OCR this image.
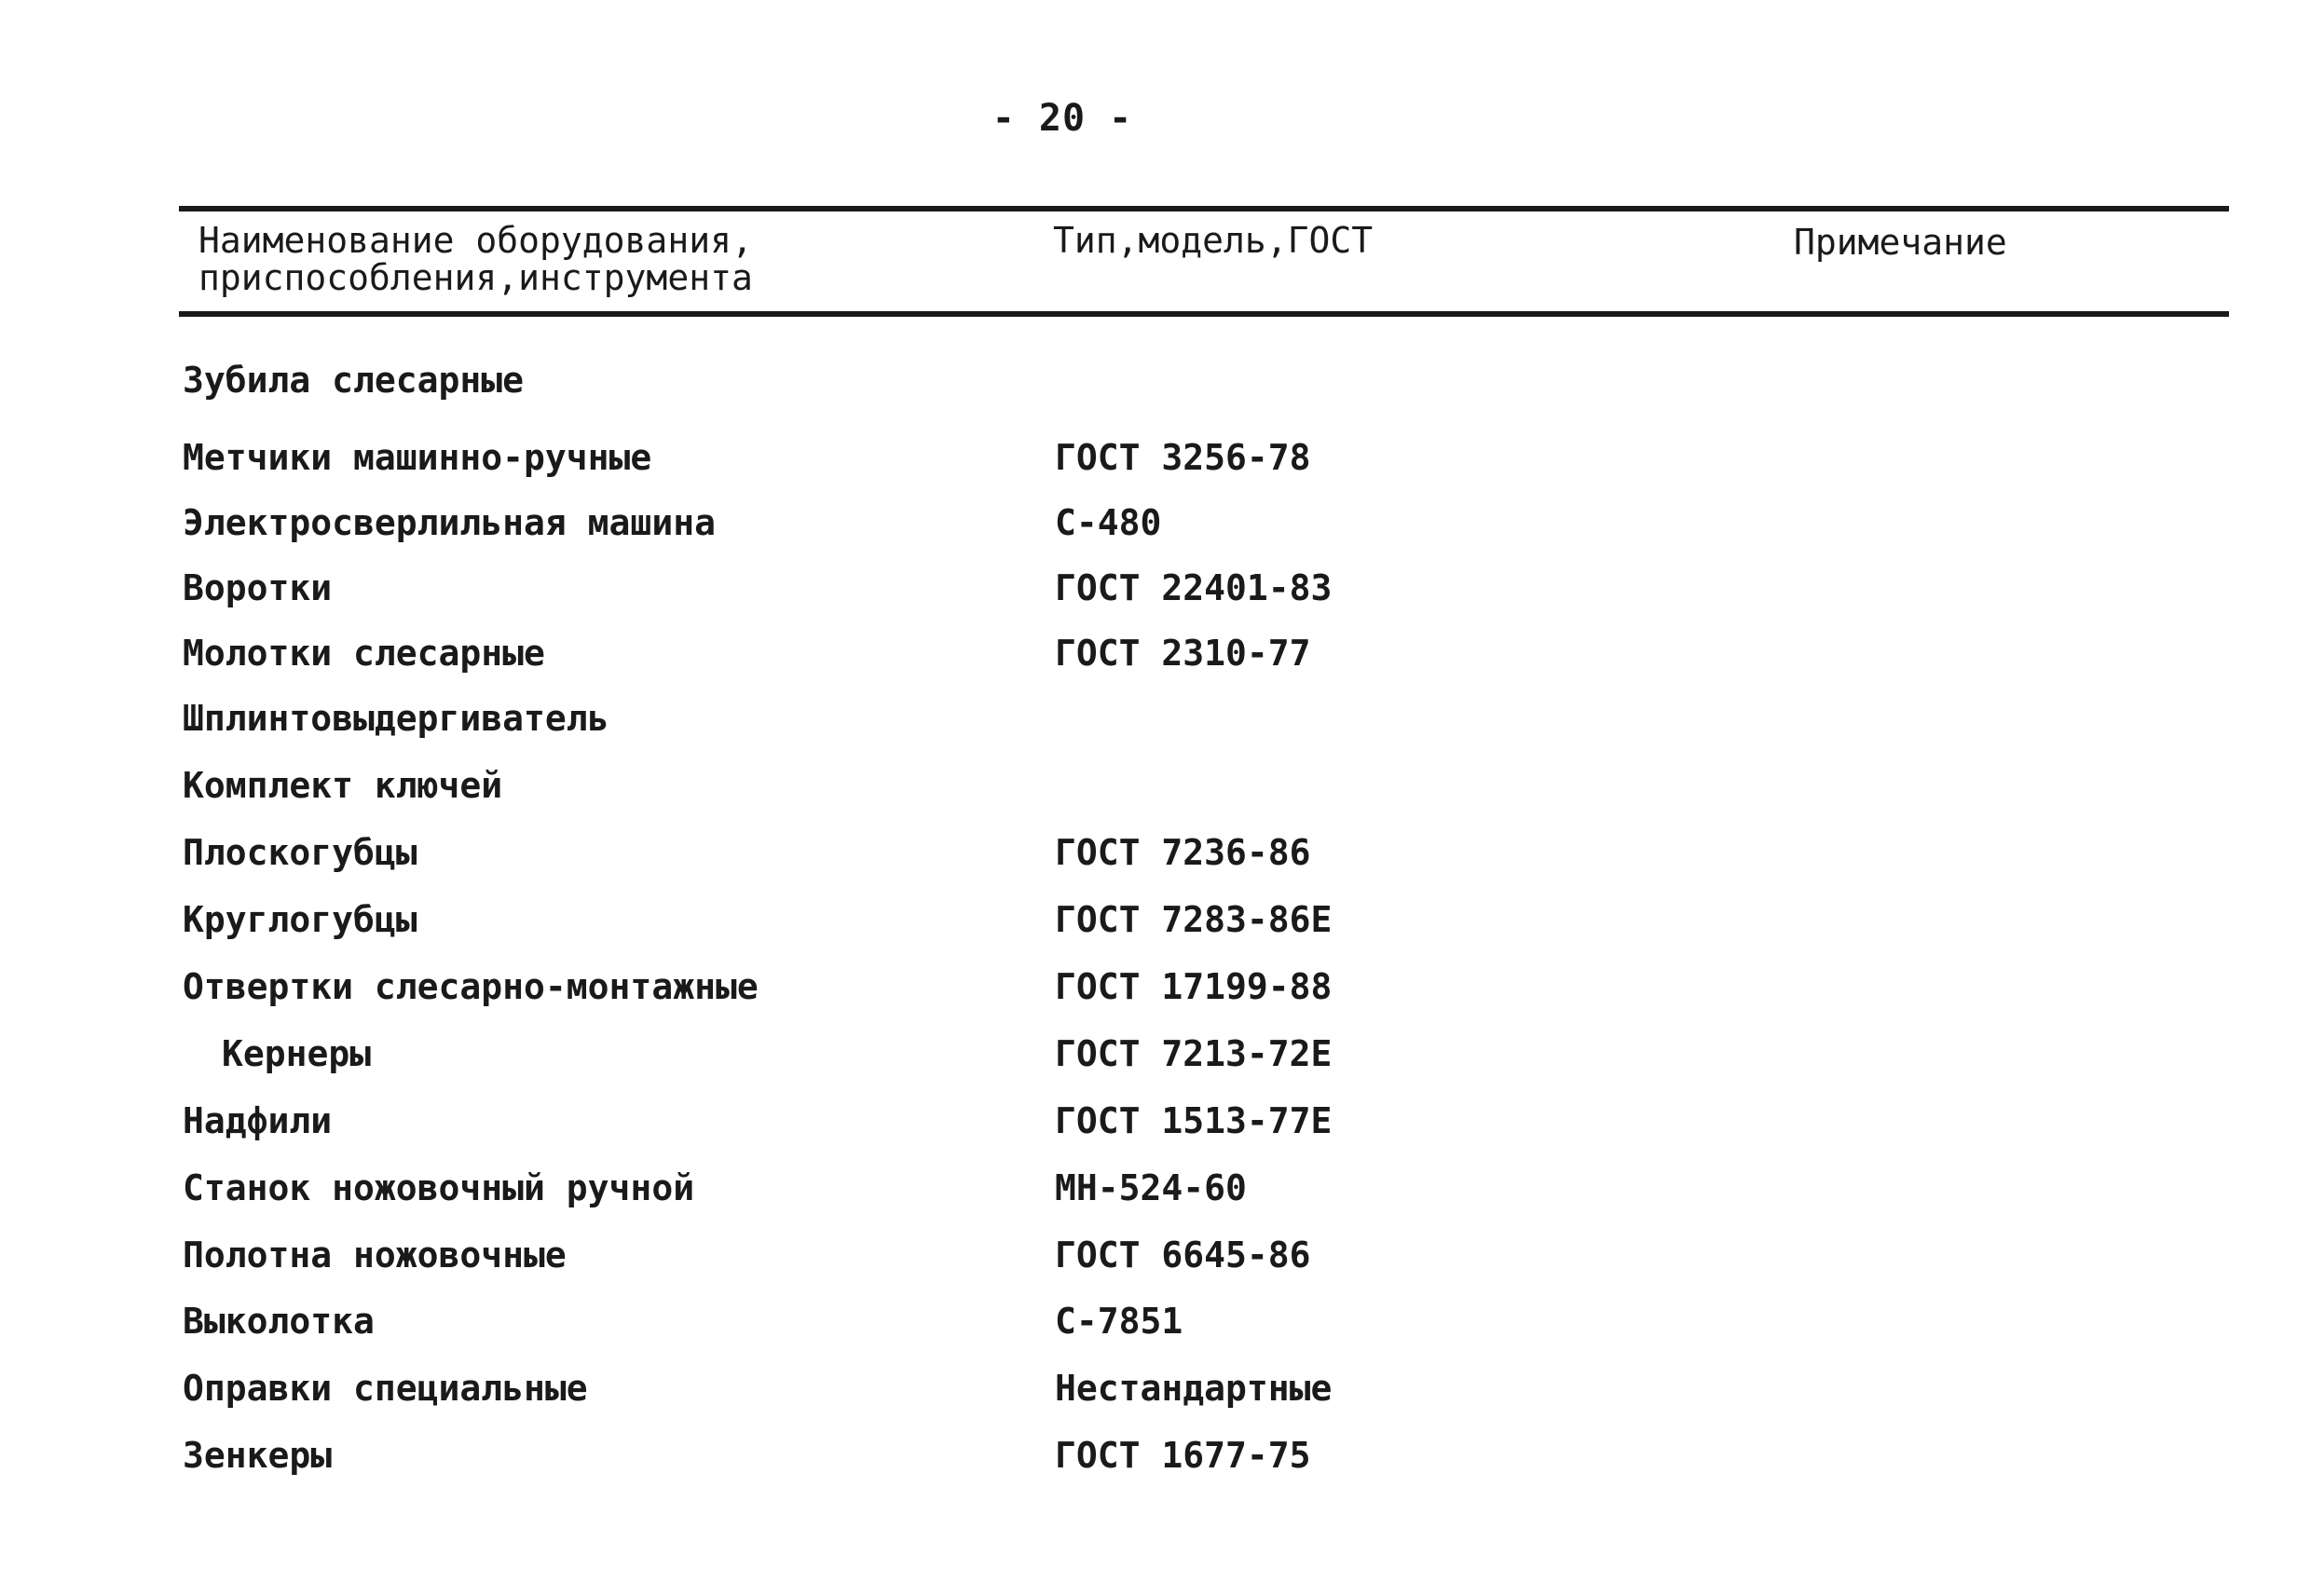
- 20 -
Наименование оборудования,
приспособления,инструмента
Тип,модель,ГОСТ	Примечание
Зубила слесарные
Метчики машинно-ручные	ГОСТ 3256-78
Электросверлильная машина	С-480
Воротки	ГОСТ 22401-83
Молотки слесарные	ГОСТ 2310-77
Шплинтовыдергиватель
Комплект ключей
Плоскогубцы	ГОСТ 7236-86
Круглогубцы	ГОСТ 7283-86Е
Отвертки слесарно-монтажные	ГОСТ 17199-88
Кернеры	ГОСТ 7213-72Е
Надфили	ГОСТ 1513-77Е
Станок ножовочный ручной	МН-524-60
Полотна ножовочные	ГОСТ 6645-86
Выколотка	С-7851
Оправки специальные	Нестандартные
Зенкеры	ГОСТ 1677-75
